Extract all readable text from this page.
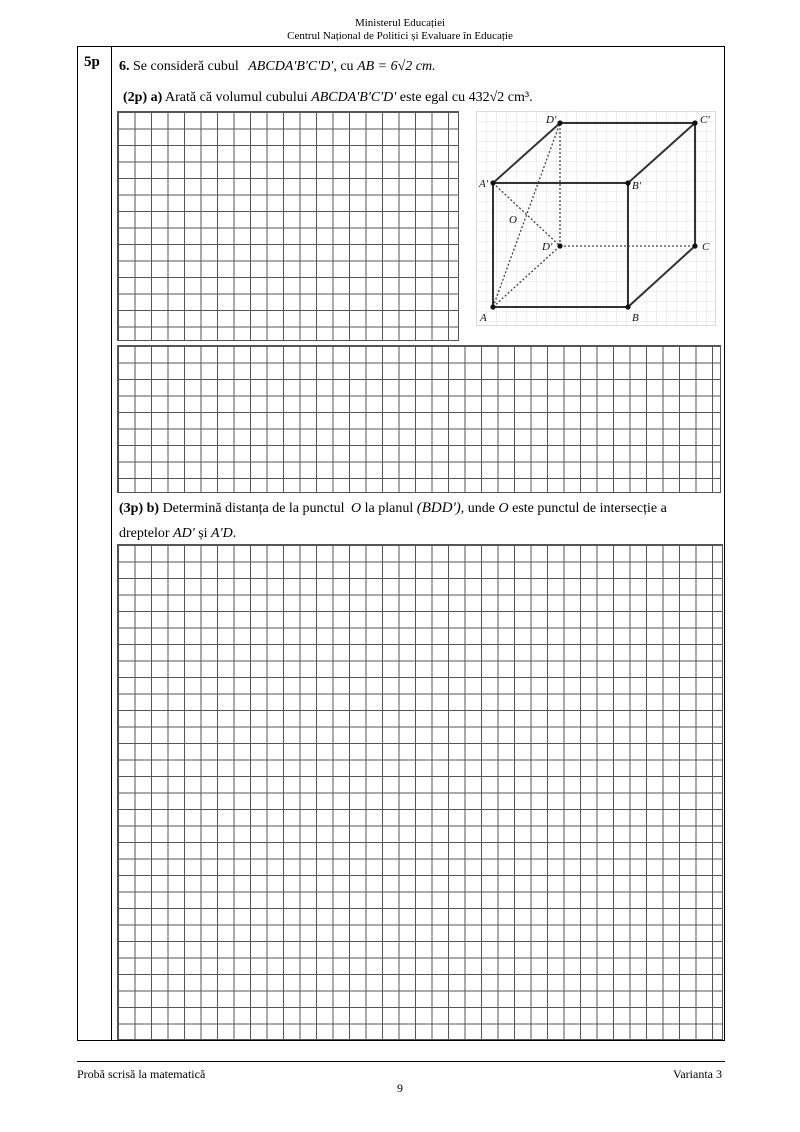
Ministerul Educației
Centrul Național de Politici și Evaluare în Educație
5p 6. Se consideră cubul ABCDA'B'C'D', cu AB = 6√2 cm.
(2p) a) Arată că volumul cubului ABCDA'B'C'D' este egal cu 432√2 cm³.
A	B
C
D'
A'	B'
C'
D'
O
(3p) b) Determină distanța de la punctul O la planul (BDD'), unde O este punctul de intersecție a
dreptelor AD' și A'D.
Probă scrisă la matematică	Varianta 3
9
